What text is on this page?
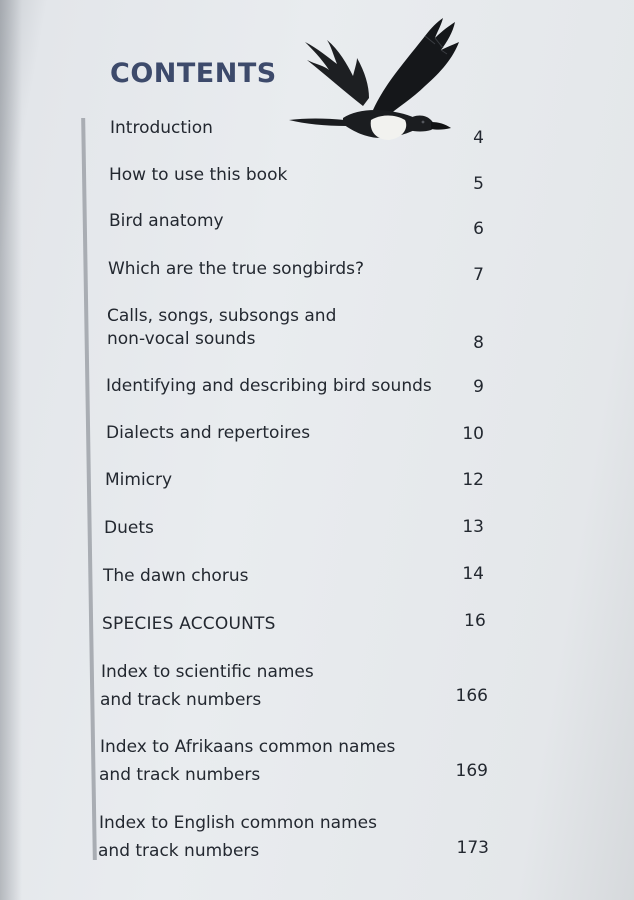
CONTENTS
Introduction	4
How to use this book	5
Bird anatomy	6
Which are the true songbirds?	7
Calls, songs, subsongs and
non-vocal sounds	8
Identifying and describing bird sounds	9
Dialects and repertoires	10
Mimicry	12
Duets	13
The dawn chorus	14
SPECIES ACCOUNTS	16
Index to scientific names
and track numbers	166
Index to Afrikaans common names
and track numbers	169
Index to English common names
and track numbers	173
